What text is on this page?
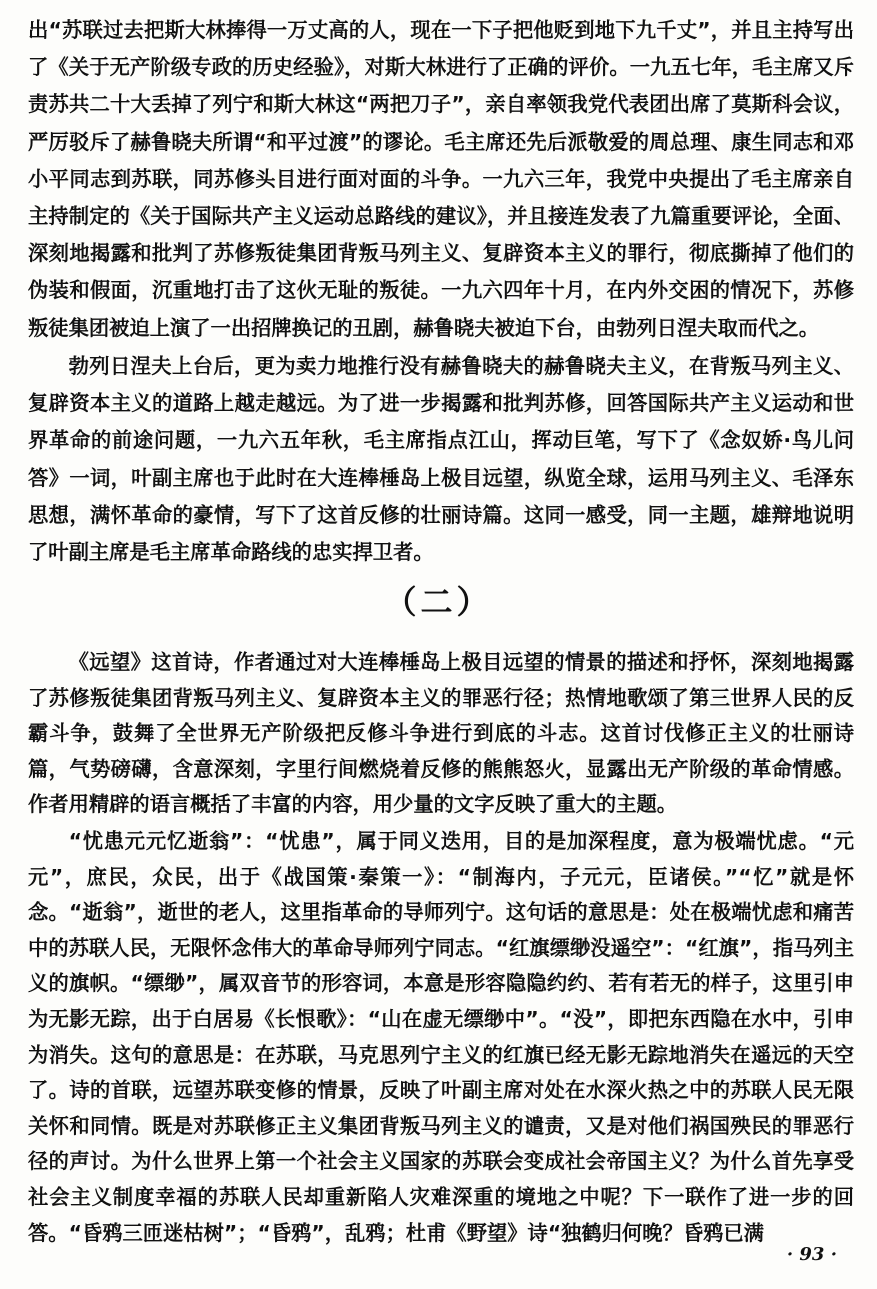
出“苏联过去把斯大林捧得一万丈高的人，现在一下子把他贬到地下九千丈”，并且主持写出了《关于无产阶级专政的历史经验》，对斯大林进行了正确的评价。一九五七年，毛主席又斥责苏共二十大丢掉了列宁和斯大林这“两把刀子”，亲自率领我党代表团出席了莫斯科会议，严厉驳斥了赫鲁晓夫所谓“和平过渡”的谬论。毛主席还先后派敬爱的周总理、康生同志和邓小平同志到苏联，同苏修头目进行面对面的斗争。一九六三年，我党中央提出了毛主席亲自主持制定的《关于国际共产主义运动总路线的建议》，并且接连发表了九篇重要评论，全面、深刻地揭露和批判了苏修叛徒集团背叛马列主义、复辟资本主义的罪行，彻底撕掉了他们的伪装和假面，沉重地打击了这伙无耻的叛徒。一九六四年十月，在内外交困的情况下，苏修叛徒集团被迫上演了一出招牌换记的丑剧，赫鲁晓夫被迫下台，由勃列日涅夫取而代之。

勃列日涅夫上台后，更为卖力地推行没有赫鲁晓夫的赫鲁晓夫主义，在背叛马列主义、复辟资本主义的道路上越走越远。为了进一步揭露和批判苏修，回答国际共产主义运动和世界革命的前途问题，一九六五年秋，毛主席指点江山，挥动巨笔，写下了《念奴娇·鸟儿问答》一词，叶副主席也于此时在大连棒棰岛上极目远望，纵览全球，运用马列主义、毛泽东思想，满怀革命的豪情，写下了这首反修的壮丽诗篇。这同一感受，同一主题，雄辩地说明了叶副主席是毛主席革命路线的忠实捍卫者。

（二）

《远望》这首诗，作者通过对大连棒棰岛上极目远望的情景的描述和抒怀，深刻地揭露了苏修叛徒集团背叛马列主义、复辟资本主义的罪恶行径；热情地歌颂了第三世界人民的反霸斗争，鼓舞了全世界无产阶级把反修斗争进行到底的斗志。这首讨伐修正主义的壮丽诗篇，气势磅礴，含意深刻，字里行间燃烧着反修的熊熊怒火，显露出无产阶级的革命情感。作者用精辟的语言概括了丰富的内容，用少量的文字反映了重大的主题。

“忧患元元忆逝翁”：“忧患”，属于同义迭用，目的是加深程度，意为极端忧虑。“元元”，庶民，众民，出于《战国策·秦策一》：“制海内，子元元，臣诸侯。”“忆”就是怀念。“逝翁”，逝世的老人，这里指革命的导师列宁。这句话的意思是：处在极端忧虑和痛苦中的苏联人民，无限怀念伟大的革命导师列宁同志。“红旗缥缈没遥空”：“红旗”，指马列主义的旗帜。“缥缈”，属双音节的形容词，本意是形容隐隐约约、若有若无的样子，这里引申为无影无踪，出于白居易《长恨歌》：“山在虚无缥缈中”。“没”，即把东西隐在水中，引申为消失。这句的意思是：在苏联，马克思列宁主义的红旗已经无影无踪地消失在遥远的天空了。诗的首联，远望苏联变修的情景，反映了叶副主席对处在水深火热之中的苏联人民无限关怀和同情。既是对苏联修正主义集团背叛马列主义的谴责，又是对他们祸国殃民的罪恶行径的声讨。为什么世界上第一个社会主义国家的苏联会变成社会帝国主义？为什么首先享受社会主义制度幸福的苏联人民却重新陷人灾难深重的境地之中呢？下一联作了进一步的回答。 “昏鸦三匝迷枯树”；“昏鸦”，乱鸦；杜甫《野望》诗“独鹤归何晚？昏鸦已满

· 93 ·
